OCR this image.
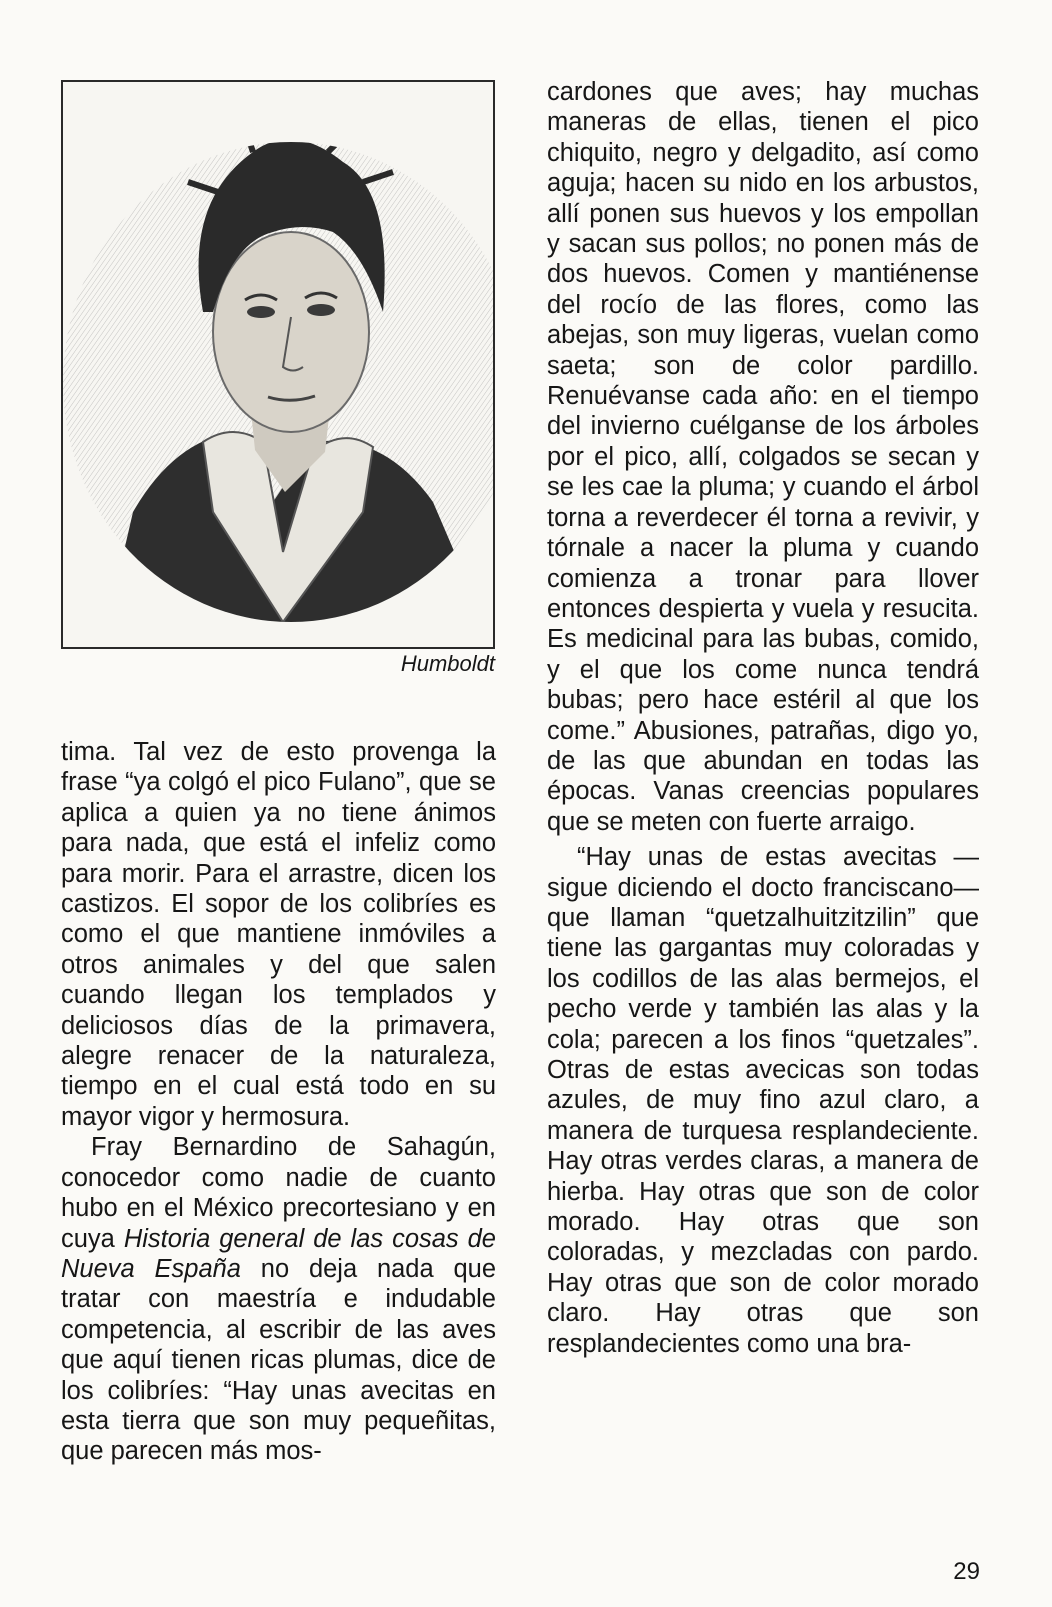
Humboldt

tima. Tal vez de esto provenga la frase “ya colgó el pico Fulano”, que se aplica a quien ya no tiene ánimos para nada, que está el infeliz como para morir. Para el arrastre, dicen los castizos. El sopor de los colibríes es como el que mantiene inmóviles a otros animales y del que salen cuando llegan los templados y deliciosos días de la primavera, alegre renacer de la naturaleza, tiempo en el cual está todo en su mayor vigor y hermosura.

Fray Bernardino de Sahagún, conocedor como nadie de cuanto hubo en el México precortesiano y en cuya Historia general de las cosas de Nueva España no deja nada que tratar con maestría e indudable competencia, al escribir de las aves que aquí tienen ricas plumas, dice de los colibríes: “Hay unas avecitas en esta tierra que son muy pequeñitas, que parecen más mos-

cardones que aves; hay muchas maneras de ellas, tienen el pico chiquito, negro y delgadito, así como aguja; hacen su nido en los arbustos, allí ponen sus huevos y los empollan y sacan sus pollos; no ponen más de dos huevos. Comen y mantiénense del rocío de las flores, como las abejas, son muy ligeras, vuelan como saeta; son de color pardillo. Renuévanse cada año: en el tiempo del invierno cuélganse de los árboles por el pico, allí, colgados se secan y se les cae la pluma; y cuando el árbol torna a reverdecer él torna a revivir, y tórnale a nacer la pluma y cuando comienza a tronar para llover entonces despierta y vuela y resucita. Es medicinal para las bubas, comido, y el que los come nunca tendrá bubas; pero hace estéril al que los come.” Abusiones, patrañas, digo yo, de las que abundan en todas las épocas. Vanas creencias populares que se meten con fuerte arraigo.

“Hay unas de estas avecitas —sigue diciendo el docto franciscano— que llaman “quetzalhuitzitzilin” que tiene las gargantas muy coloradas y los codillos de las alas bermejos, el pecho verde y también las alas y la cola; parecen a los finos “quetzales”. Otras de estas avecicas son todas azules, de muy fino azul claro, a manera de turquesa resplandeciente. Hay otras verdes claras, a manera de hierba. Hay otras que son de color morado. Hay otras que son coloradas, y mezcladas con pardo. Hay otras que son de color morado claro. Hay otras que son resplandecientes como una bra-

29
